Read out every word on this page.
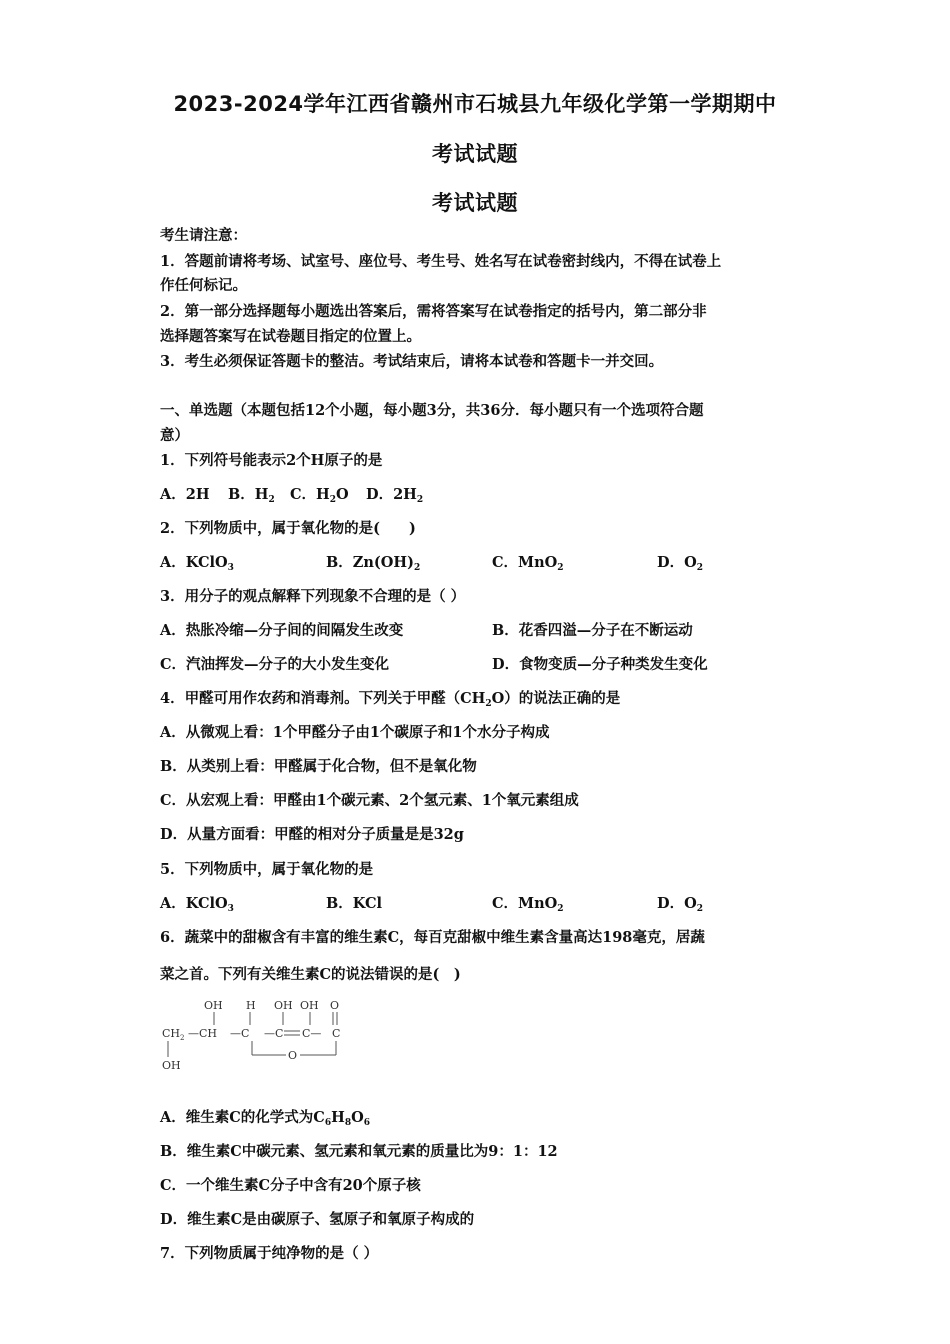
2023-2024学年江西省赣州市石城县九年级化学第一学期期中
考试试题
考试试题
考生请注意：
1．答题前请将考场、试室号、座位号、考生号、姓名写在试卷密封线内，不得在试卷上
作任何标记。
2．第一部分选择题每小题选出答案后，需将答案写在试卷指定的括号内，第二部分非
选择题答案写在试卷题目指定的位置上。
3．考生必须保证答题卡的整洁。考试结束后，请将本试卷和答题卡一并交回。
一、单选题（本题包括12个小题，每小题3分，共36分．每小题只有一个选项符合题
意）
1．下列符号能表示2个H原子的是
A．2H B．$H_2$ C．$H_2O$ D．$2H_2$
2．下列物质中，属于氧化物的是(　　)
A．KClO$_3$	B．$Zn(OH)_2$	C．MnO$_2$	D．$O_2$
3．用分子的观点解释下列现象不合理的是（ ）
A．热胀冷缩—分子间的间隔发生改变	B．花香四溢—分子在不断运动
C．汽油挥发—分子的大小发生变化	D．食物变质—分子种类发生变化
4．甲醛可用作农药和消毒剂。下列关于甲醛$(CH_2O)$的说法正确的是
A．从微观上看：1个甲醛分子由1个碳原子和1个水分子构成
B．从类别上看：甲醛属于化合物，但不是氧化物
C．从宏观上看：甲醛由1个碳元素、2个氢元素、1个氧元素组成
D．从量方面看：甲醛的相对分子质量是是32g
5．下列物质中，属于氧化物的是
A．KClO$_3$	B．KCl	C．MnO$_2$	D．$O_2$
6．蔬菜中的甜椒含有丰富的维生素C，每百克甜椒中维生素含量高达198毫克，居蔬
菜之首。下列有关维生素C的说法错误的是(　)
OH H OH OH O
$CH_2$ —CH —C —C C— C
O
OH
A．维生素C的化学式为$C_6H_8O_6$
B．维生素C中碳元素、氢元素和氧元素的质量比为9：1：12
C．一个维生素C分子中含有20个原子核
D．维生素C是由碳原子、氢原子和氧原子构成的
7．下列物质属于纯净物的是（ ）
